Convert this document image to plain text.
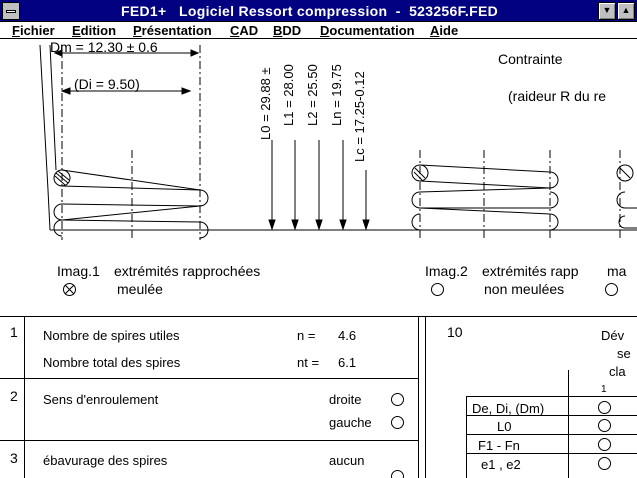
FED1+   Logiciel Ressort compression  -  523256F.FED	▼	▲
Fichier Edition Présentation CAD BDD Documentation Aide
Dm = 12.30 ± 0.6
(Di = 9.50)	L0 = 29.88 ± L1 = 28.00 L2 = 25.50 Ln = 19.75 Lc = 17.25-0.12
Contrainte
(raideur R du re
Imag.1 extrémités rapprochées
meulée
Imag.2 extrémités rapp ma
non meulées
1 Nombre de spires utiles	n = 4.6
Nombre total des spires	nt = 6.1
2 Sens d'enroulement	droite
gauche
3 ébavurage des spires	aucun
10	Dév
se
cla
1
De, Di, (Dm)
L0
F1 - Fn
e1 , e2
